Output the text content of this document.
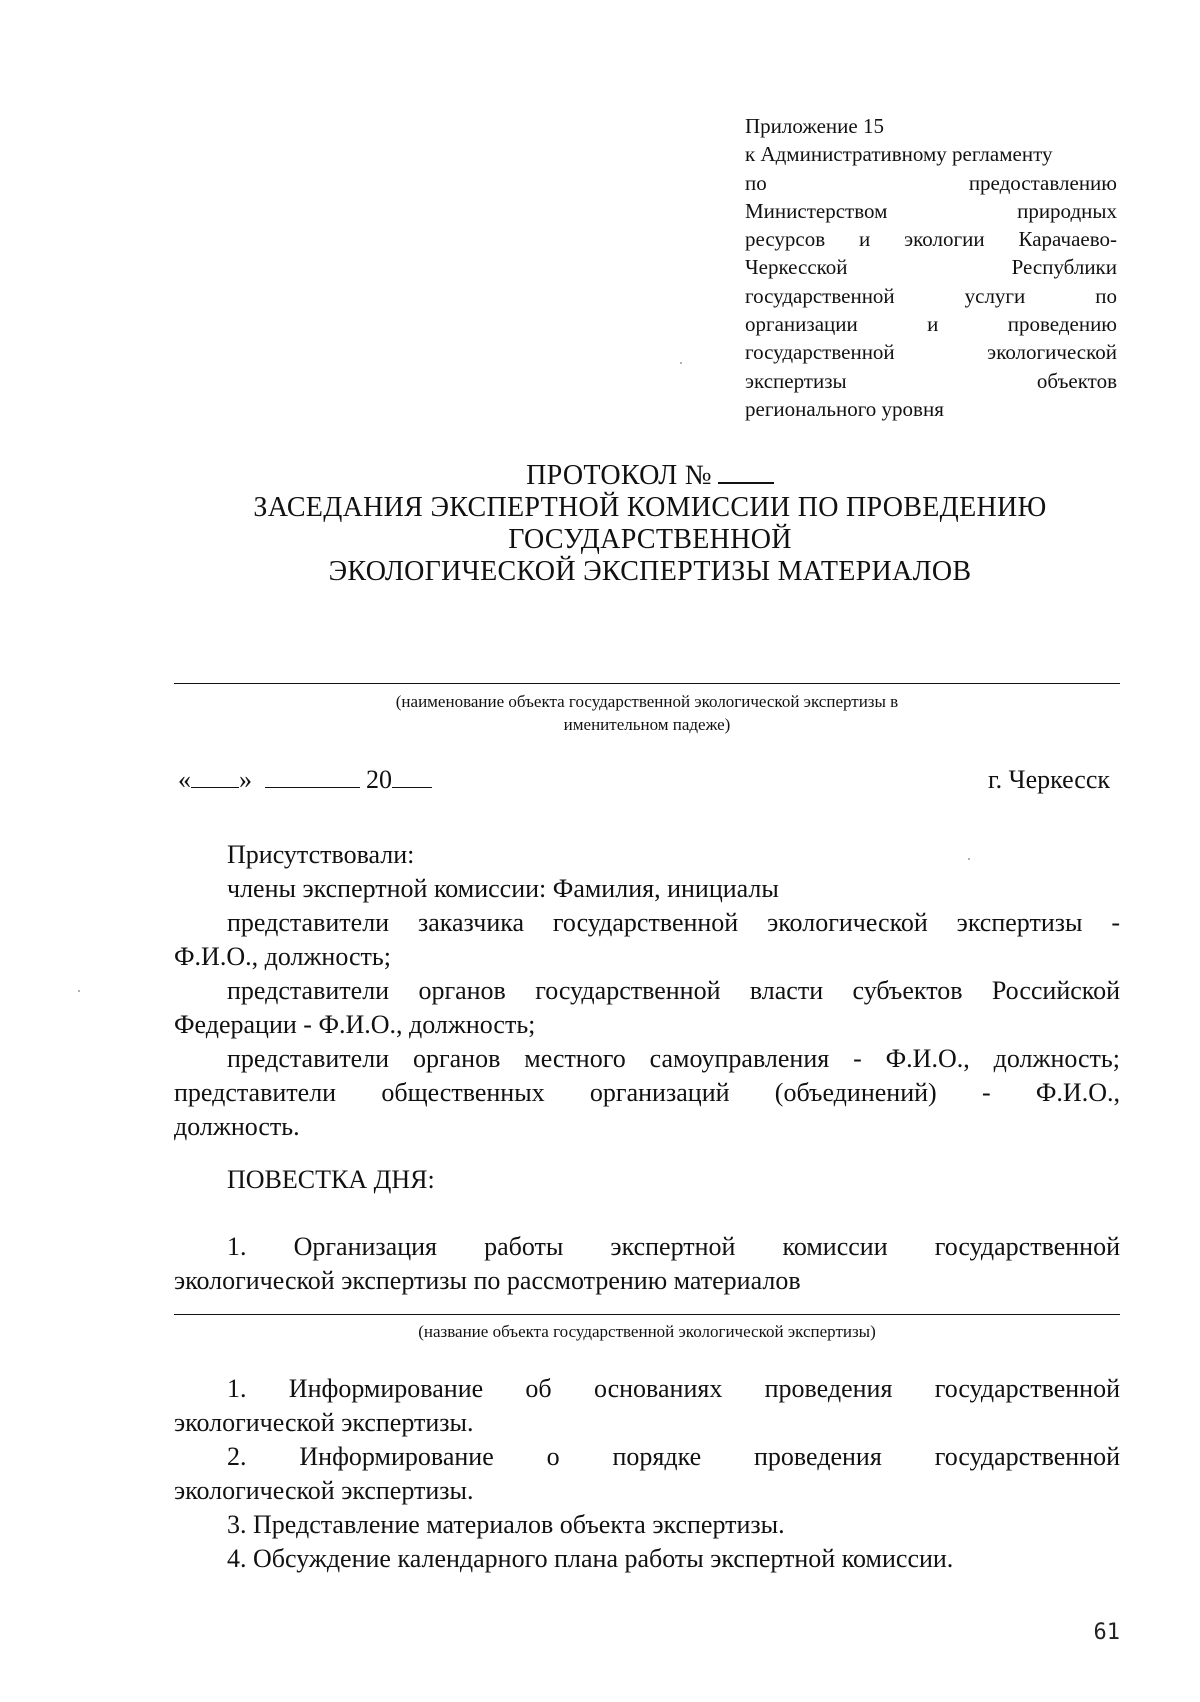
Приложение 15
к Административному регламенту
по предоставлению
Министерством природных
ресурсов и экологии Карачаево-
Черкесской Республики
государственной услуги по
организации и проведению
государственной экологической
экспертизы объектов
регионального уровня
ПРОТОКОЛ №
ЗАСЕДАНИЯ ЭКСПЕРТНОЙ КОМИССИИ ПО ПРОВЕДЕНИЮ
ГОСУДАРСТВЕННОЙ
ЭКОЛОГИЧЕСКОЙ ЭКСПЕРТИЗЫ МАТЕРИАЛОВ
(наименование объекта государственной экологической экспертизы в
именительном падеже)
« »	20	г. Черкесск

Присутствовали:

члены экспертной комиссии: Фамилия, инициалы

представители заказчика государственной экологической экспертизы -

Ф.И.О., должность;

представители органов государственной власти субъектов Российской

Федерации - Ф.И.О., должность;

представители органов местного самоуправления - Ф.И.О., должность;

представители общественных организаций (объединений) - Ф.И.О.,

должность.

ПОВЕСТКА ДНЯ:

1. Организация работы экспертной комиссии государственной

экологической экспертизы по рассмотрению материалов

(название объекта государственной экологической экспертизы)

1. Информирование об основаниях проведения государственной

экологической экспертизы.

2. Информирование о порядке проведения государственной

экологической экспертизы.

3. Представление материалов объекта экспертизы.

4. Обсуждение календарного плана работы экспертной комиссии.

61
